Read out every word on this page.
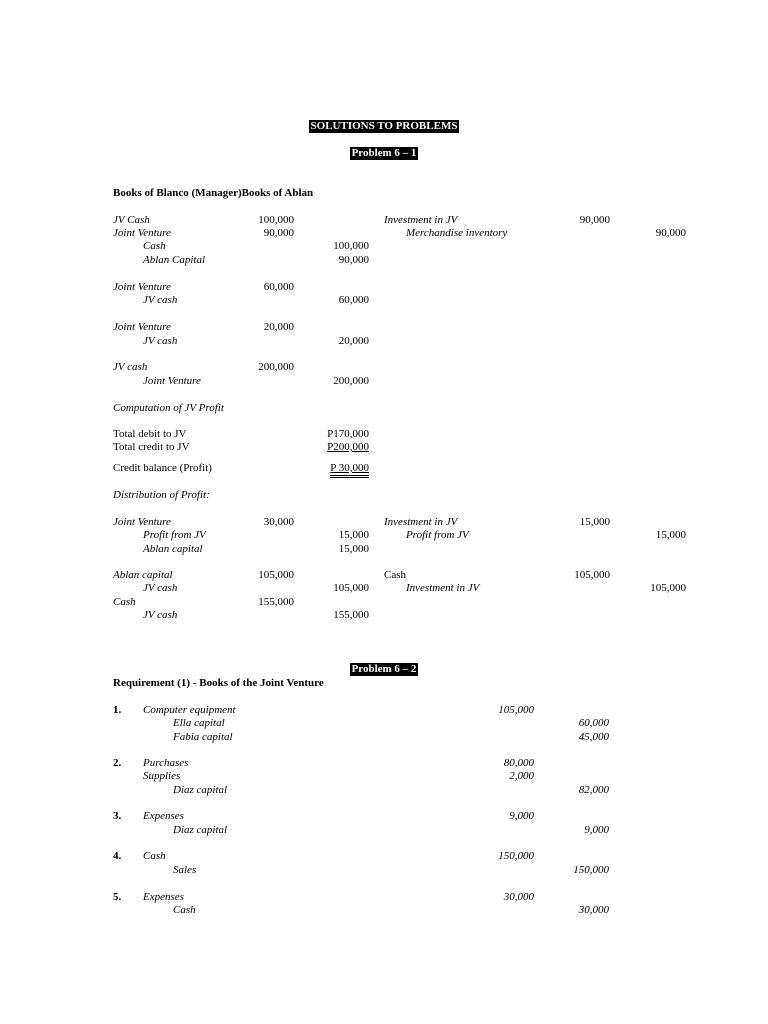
SOLUTIONS TO PROBLEMS
Problem 6 – 1
Books of Blanco (Manager)Books of Ablan
JV Cash	100,000
Joint Venture	90,000
Cash	100,000
Ablan Capital	90,000
Joint Venture	60,000
JV cash	60,000
Joint Venture	20,000
JV cash	20,000
JV cash	200,000
Joint Venture	200,000
Investment in JV	90,000
Merchandise inventory	90,000
Computation of JV Profit
Total debit to JV	P170,000
Total credit to JV	P200,000
Credit balance (Profit)	P 30,000
Distribution of Profit:
Joint Venture	30,000
Profit from JV	15,000
Ablan capital	15,000
Ablan capital	105,000
JV cash	105,000
Cash	155,000
JV cash	155,000
Investment in JV	15,000
Profit from JV	15,000
Cash	105,000
Investment in JV	105,000
Problem 6 – 2
Requirement (1) - Books of the Joint Venture
1. Computer equipment	105,000
Ella capital	60,000
Fabia capital	45,000
2. Purchases	80,000
Supplies	2,000
Diaz capital	82,000
3. Expenses	9,000
Diaz capital	9,000
4. Cash	150,000
Sales	150,000
5. Expenses	30,000
Cash	30,000
